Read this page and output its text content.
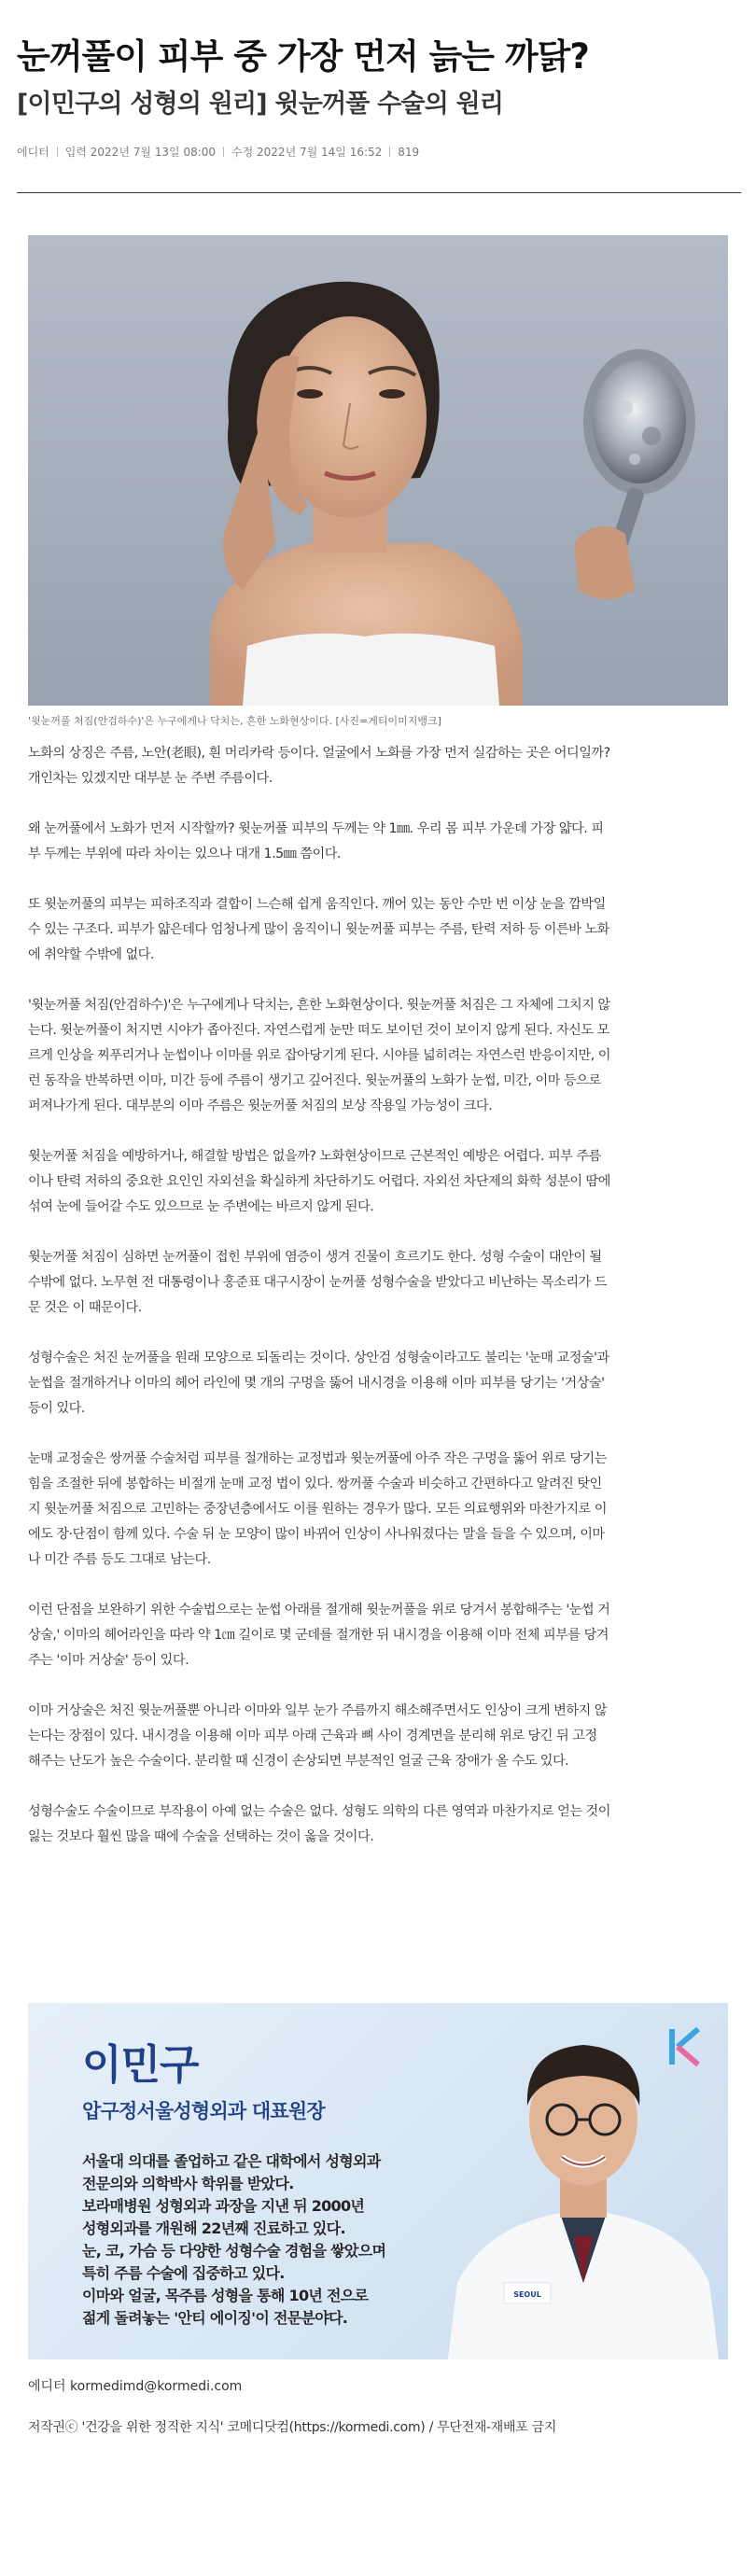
눈꺼풀이 피부 중 가장 먼저 늙는 까닭?
[이민구의 성형의 원리] 윗눈꺼풀 수술의 원리
에디터 입력 2022년 7월 13일 08:00 수정 2022년 7월 14일 16:52 819
'윗눈꺼풀 처짐(안검하수)'은 누구에게나 닥치는, 흔한 노화현상이다. [사진=게티이미지뱅크]

노화의 상징은 주름, 노안(老眼), 흰 머리카락 등이다. 얼굴에서 노화를 가장 먼저 실감하는 곳은 어디일까?
개인차는 있겠지만 대부분 눈 주변 주름이다.

왜 눈꺼풀에서 노화가 먼저 시작할까? 윗눈꺼풀 피부의 두께는 약 1㎜. 우리 몸 피부 가운데 가장 얇다. 피
부 두께는 부위에 따라 차이는 있으나 대개 1.5㎜ 쯤이다.

또 윗눈꺼풀의 피부는 피하조직과 결합이 느슨해 쉽게 움직인다. 깨어 있는 동안 수만 번 이상 눈을 깜박일
수 있는 구조다. 피부가 얇은데다 엄청나게 많이 움직이니 윗눈꺼풀 피부는 주름, 탄력 저하 등 이른바 노화
에 취약할 수밖에 없다.

'윗눈꺼풀 처짐(안검하수)'은 누구에게나 닥치는, 흔한 노화현상이다. 윗눈꺼풀 처짐은 그 자체에 그치지 않
는다. 윗눈꺼풀이 처지면 시야가 좁아진다. 자연스럽게 눈만 떠도 보이던 것이 보이지 않게 된다. 자신도 모
르게 인상을 찌푸리거나 눈썹이나 이마를 위로 잡아당기게 된다. 시야를 넓히려는 자연스런 반응이지만, 이
런 동작을 반복하면 이마, 미간 등에 주름이 생기고 깊어진다. 윗눈꺼풀의 노화가 눈썹, 미간, 이마 등으로
퍼져나가게 된다. 대부분의 이마 주름은 윗눈꺼풀 처짐의 보상 작용일 가능성이 크다.

윗눈꺼풀 처짐을 예방하거나, 해결할 방법은 없을까? 노화현상이므로 근본적인 예방은 어렵다. 피부 주름
이나 탄력 저하의 중요한 요인인 자외선을 확실하게 차단하기도 어렵다. 자외선 차단제의 화학 성분이 땀에
섞여 눈에 들어갈 수도 있으므로 눈 주변에는 바르지 않게 된다.

윗눈꺼풀 처짐이 심하면 눈꺼풀이 접힌 부위에 염증이 생겨 진물이 흐르기도 한다. 성형 수술이 대안이 될
수밖에 없다. 노무현 전 대통령이나 홍준표 대구시장이 눈꺼풀 성형수술을 받았다고 비난하는 목소리가 드
문 것은 이 때문이다.

성형수술은 처진 눈꺼풀을 원래 모양으로 되돌리는 것이다. 상안검 성형술이라고도 불리는 '눈매 교정술'과
눈썹을 절개하거나 이마의 헤어 라인에 몇 개의 구멍을 뚫어 내시경을 이용해 이마 피부를 당기는 '거상술'
등이 있다.

눈매 교정술은 쌍꺼풀 수술처럼 피부를 절개하는 교정법과 윗눈꺼풀에 아주 작은 구멍을 뚫어 위로 당기는
힘을 조절한 뒤에 봉합하는 비절개 눈매 교정 법이 있다. 쌍꺼풀 수술과 비슷하고 간편하다고 알려진 탓인
지 윗눈꺼풀 처짐으로 고민하는 중장년층에서도 이를 원하는 경우가 많다. 모든 의료행위와 마찬가지로 이
에도 장·단점이 함께 있다. 수술 뒤 눈 모양이 많이 바뀌어 인상이 사나워졌다는 말을 들을 수 있으며, 이마
나 미간 주름 등도 그대로 남는다.

이런 단점을 보완하기 위한 수술법으로는 눈썹 아래를 절개해 윗눈꺼풀을 위로 당겨서 봉합해주는 '눈썹 거
상술,' 이마의 헤어라인을 따라 약 1㎝ 길이로 몇 군데를 절개한 뒤 내시경을 이용해 이마 전체 피부를 당겨
주는 '이마 거상술' 등이 있다.

이마 거상술은 처진 윗눈꺼풀뿐 아니라 이마와 일부 눈가 주름까지 해소해주면서도 인상이 크게 변하지 않
는다는 장점이 있다. 내시경을 이용해 이마 피부 아래 근육과 뼈 사이 경계면을 분리해 위로 당긴 뒤 고정
해주는 난도가 높은 수술이다. 분리할 때 신경이 손상되면 부분적인 얼굴 근육 장애가 올 수도 있다.

성형수술도 수술이므로 부작용이 아예 없는 수술은 없다. 성형도 의학의 다른 영역과 마찬가지로 얻는 것이
잃는 것보다 훨씬 많을 때에 수술을 선택하는 것이 옳을 것이다.

이민구
압구정서울성형외과 대표원장
서울대 의대를 졸업하고 같은 대학에서 성형외과
전문의와 의학박사 학위를 받았다.
보라매병원 성형외과 과장을 지낸 뒤 2000년
성형외과를 개원해 22년째 진료하고 있다.
눈, 코, 가슴 등 다양한 성형수술 경험을 쌓았으며
특히 주름 수술에 집중하고 있다.
이마와 얼굴, 목주름 성형을 통해 10년 전으로
젊게 돌려놓는 '안티 에이징'이 전문분야다.
SEOUL
에디터 kormedimd@kormedi.com
저작권ⓒ '건강을 위한 정직한 지식' 코메디닷컴(https://kormedi.com) / 무단전재-재배포 금지
